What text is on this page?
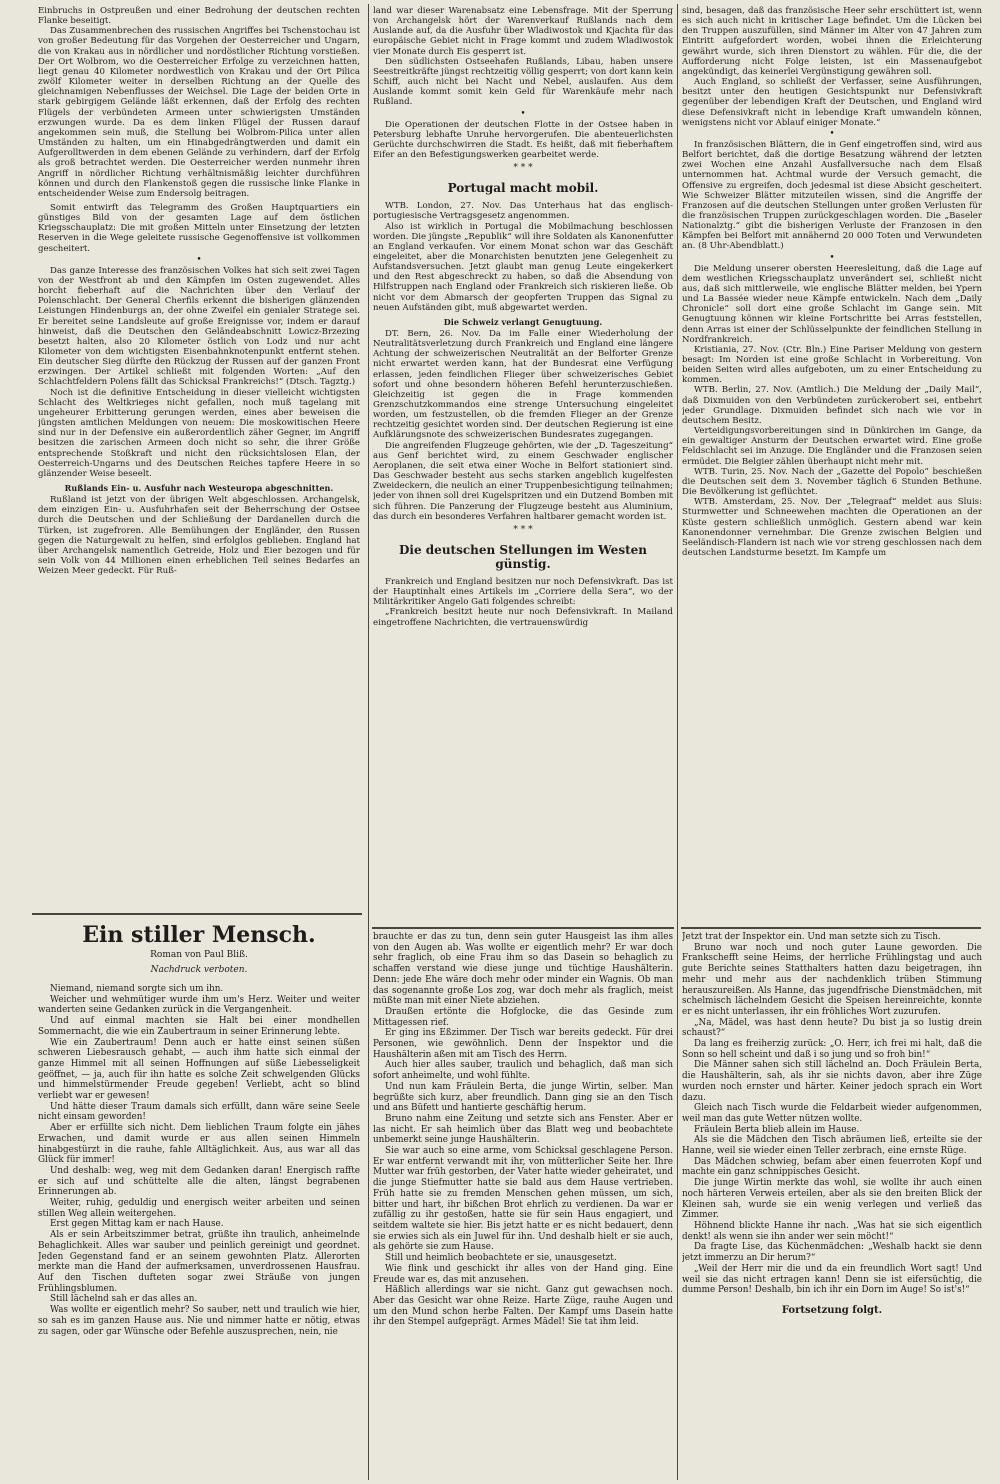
Einbruchs in Ostpreußen und einer Bedrohung der deutschen rechten Flanke beseitigt.

Das Zusammenbrechen des russischen Angriffes bei Tschenstochau ist von großer Bedeutung für das Vorgehen der Oesterreicher und Ungarn, die von Krakau aus in nördlicher und nordöstlicher Richtung vorstießen. Der Ort Wolbrom, wo die Oesterreicher Erfolge zu verzeichnen hatten, liegt genau 40 Kilometer nordwestlich von Krakau und der Ort Pilica zwölf Kilometer weiter in derselben Richtung an der Quelle des gleichnamigen Nebenflusses der Weichsel. Die Lage der beiden Orte in stark gebirgigem Gelände läßt erkennen, daß der Erfolg des rechten Flügels der verbündeten Armeen unter schwierigsten Umständen erzwungen wurde. Da es dem linken Flügel der Russen darauf angekommen sein muß, die Stellung bei Wolbrom-Pilica unter allen Umständen zu halten, um ein Hinabgedrängtwerden und damit ein Aufgerolltwerden in dem ebenen Gelände zu verhindern, darf der Erfolg als groß betrachtet werden. Die Oesterreicher werden nunmehr ihren Angriff in nördlicher Richtung verhältnismäßig leichter durchführen können und durch den Flankenstoß gegen die russische linke Flanke in entscheidender Weise zum Endersolg beitragen.

Somit entwirft das Telegramm des Großen Hauptquartiers ein günstiges Bild von der gesamten Lage auf dem östlichen Kriegsschauplatz: Die mit großen Mitteln unter Einsetzung der letzten Reserven in die Wege geleitete russische Gegenoffensive ist vollkommen gescheitert.

•

Das ganze Interesse des französischen Volkes hat sich seit zwei Tagen von der Westfront ab und den Kämpfen im Osten zugewendet. Alles horcht fieberhaft auf die Nachrichten über den Verlauf der Polenschlacht. Der General Cherfils erkennt die bisherigen glänzenden Leistungen Hindenburgs an, der ohne Zweifel ein genialer Stratege sei. Er bereitet seine Landsleute auf große Ereignisse vor, indem er darauf hinweist, daß die Deutschen den Geländeabschnitt Lowicz-Brzezing besetzt halten, also 20 Kilometer östlich von Lodz und nur acht Kilometer von dem wichtigsten Eisenbahnknotenpunkt entfernt stehen. Ein deutscher Sieg dürfte den Rückzug der Russen auf der ganzen Front erzwingen. Der Artikel schließt mit folgenden Worten: „Auf den Schlachtfeldern Polens fällt das Schicksal Frankreichs!“ (Dtsch. Tagztg.)

Noch ist die definitive Entscheidung in dieser vielleicht wichtigsten Schlacht des Weltkrieges nicht gefallen, noch muß tagelang mit ungeheurer Erbitterung gerungen werden, eines aber beweisen die jüngsten amtlichen Meldungen von neuem: Die moskowitischen Heere sind nur in der Defensive ein außerordentlich zäher Gegner, im Angriff besitzen die zarischen Armeen doch nicht so sehr, die ihrer Größe entsprechende Stoßkraft und nicht den rücksichtslosen Elan, der Oesterreich-Ungarns und des Deutschen Reiches tapfere Heere in so glänzender Weise beseelt.

Rußlands Ein- u. Ausfuhr nach Westeuropa abgeschnitten.

Rußland ist jetzt von der übrigen Welt abgeschlossen. Archangelsk, dem einzigen Ein- u. Ausfuhrhafen seit der Beherrschung der Ostsee durch die Deutschen und der Schließung der Dardanellen durch die Türken, ist zugefroren. Alle Bemühungen der Engländer, den Russen gegen die Naturgewalt zu helfen, sind erfolglos geblieben. England hat über Archangelsk namentlich Getreide, Holz und Eier bezogen und für sein Volk von 44 Millionen einen erheblichen Teil seines Bedarfes an Weizen Meer gedeckt. Für Ruß-

land war dieser Warenabsatz eine Lebensfrage. Mit der Sperrung von Archangelsk hört der Warenverkauf Rußlands nach dem Auslande auf, da die Ausfuhr über Wladiwostok und Kjachta für das europäische Gebiet nicht in Frage kommt und zudem Wladiwostok vier Monate durch Eis gesperrt ist.

Den südlichsten Ostseehafen Rußlands, Libau, haben unsere Seestreitkräfte jüngst rechtzeitig völlig gesperrt; von dort kann kein Schiff, auch nicht bei Nacht und Nebel, auslaufen. Aus dem Auslande kommt somit kein Geld für Warenkäufe mehr nach Rußland.

•

Die Operationen der deutschen Flotte in der Ostsee haben in Petersburg lebhafte Unruhe hervorgerufen. Die abenteuerlichsten Gerüchte durchschwirren die Stadt. Es heißt, daß mit fieberhaftem Eifer an den Befestigungswerken gearbeitet werde.

* * *
Portugal macht mobil.

WTB. London, 27. Nov. Das Unterhaus hat das englisch-portugiesische Vertragsgesetz angenommen.

Also ist wirklich in Portugal die Mobilmachung beschlossen worden. Die jüngste „Republik“ will ihre Soldaten als Kanonenfutter an England verkaufen. Vor einem Monat schon war das Geschäft eingeleitet, aber die Monarchisten benutzten jene Gelegenheit zu Aufstandsversuchen. Jetzt glaubt man genug Leute eingekerkert und den Rest abgeschreckt zu haben, so daß die Absendung von Hilfstruppen nach England oder Frankreich sich riskieren ließe. Ob nicht vor dem Abmarsch der geopferten Truppen das Signal zu neuen Aufständen gibt, muß abgewartet werden.

Die Schweiz verlangt Genugtuung.

DT. Bern, 26. Nov. Da im Falle einer Wiederholung der Neutralitätsverletzung durch Frankreich und England eine längere Achtung der schweizerischen Neutralität an der Belforter Grenze nicht erwartet werden kann, hat der Bundesrat eine Verfügung erlassen, jeden feindlichen Flieger über schweizerisches Gebiet sofort und ohne besondern höheren Befehl herunterzuschießen. Gleichzeitig ist gegen die in Frage kommenden Grenzschutzkommandos eine strenge Untersuchung eingeleitet worden, um festzustellen, ob die fremden Flieger an der Grenze rechtzeitig gesichtet worden sind. Der deutschen Regierung ist eine Aufklärungsnote des schweizerischen Bundesrates zugegangen.

Die angreifenden Flugzeuge gehörten, wie der „D. Tageszeitung“ aus Genf berichtet wird, zu einem Geschwader englischer Aeroplanen, die seit etwa einer Woche in Belfort stationiert sind. Das Geschwader besteht aus sechs starken angeblich kugelfesten Zweideckern, die neulich an einer Truppenbesichtigung teilnahmen; jeder von ihnen soll drei Kugelspritzen und ein Dutzend Bomben mit sich führen. Die Panzerung der Flugzeuge besteht aus Aluminium, das durch ein besonderes Verfahren haltbarer gemacht worden ist.

* * *
Die deutschen Stellungen im Westen günstig.

Frankreich und England besitzen nur noch Defensivkraft. Das ist der Hauptinhalt eines Artikels im „Corriere della Sera“, wo der Militärkritiker Angelo Gati folgendes schreibt:

„Frankreich besitzt heute nur noch Defensivkraft. In Mailand eingetroffene Nachrichten, die vertrauenswürdig

sind, besagen, daß das französische Heer sehr erschüttert ist, wenn es sich auch nicht in kritischer Lage befindet. Um die Lücken bei den Truppen auszufüllen, sind Männer im Alter von 47 Jahren zum Eintritt aufgefordert worden, wobei ihnen die Erleichterung gewährt wurde, sich ihren Dienstort zu wählen. Für die, die der Aufforderung nicht Folge leisten, ist ein Massenaufgebot angekündigt, das keinerlei Vergünstigung gewähren soll.

Auch England, so schließt der Verfasser, seine Ausführungen, besitzt unter den heutigen Gesichtspunkt nur Defensivkraft gegenüber der lebendigen Kraft der Deutschen, und England wird diese Defensivkraft nicht in lebendige Kraft umwandeln können, wenigstens nicht vor Ablauf einiger Monate.“

•

In französischen Blättern, die in Genf eingetroffen sind, wird aus Belfort berichtet, daß die dortige Besatzung während der letzten zwei Wochen eine Anzahl Ausfallversuche nach dem Elsaß unternommen hat. Achtmal wurde der Versuch gemacht, die Offensive zu ergreifen, doch jedesmal ist diese Absicht gescheitert. Wie Schweizer Blätter mitzuteilen wissen, sind die Angriffe der Franzosen auf die deutschen Stellungen unter großen Verlusten für die französischen Truppen zurückgeschlagen worden. Die „Baseler Nationalztg.“ gibt die bisherigen Verluste der Franzosen in den Kämpfen bei Belfort mit annähernd 20 000 Toten und Verwundeten an. (8 Uhr-Abendblatt.)

•

Die Meldung unserer obersten Heeresleitung, daß die Lage auf dem westlichen Kriegsschauplatz unverändert sei, schließt nicht aus, daß sich mittlerweile, wie englische Blätter melden, bei Ypern und La Bassée wieder neue Kämpfe entwickeln. Nach dem „Daily Chronicle“ soll dort eine große Schlacht im Gange sein. Mit Genugtuung können wir kleine Fortschritte bei Arras feststellen, denn Arras ist einer der Schlüsselpunkte der feindlichen Stellung in Nordfrankreich.

Kristiania, 27. Nov. (Ctr. Bln.) Eine Pariser Meldung von gestern besagt: Im Norden ist eine große Schlacht in Vorbereitung. Von beiden Seiten wird alles aufgeboten, um zu einer Entscheidung zu kommen.

WTB. Berlin, 27. Nov. (Amtlich.) Die Meldung der „Daily Mail“, daß Dixmuiden von den Verbündeten zurückerobert sei, entbehrt jeder Grundlage. Dixmuiden befindet sich nach wie vor in deutschem Besitz.

Verteidigungsvorbereitungen sind in Dünkirchen im Gange, da ein gewaltiger Ansturm der Deutschen erwartet wird. Eine große Feldschlacht sei im Anzuge. Die Engländer und die Franzosen seien ermüdet. Die Belgier zählen überhaupt nicht mehr mit.

WTB. Turin, 25. Nov. Nach der „Gazette del Popolo“ beschießen die Deutschen seit dem 3. November täglich 6 Stunden Bethune. Die Bevölkerung ist geflüchtet.

WTB. Amsterdam, 25. Nov. Der „Telegraaf“ meldet aus Sluis: Sturmwetter und Schneewehen machten die Operationen an der Küste gestern schließlich unmöglich. Gestern abend war kein Kanonendonner vernehmbar. Die Grenze zwischen Belgien und Seeländisch-Flandern ist nach wie vor streng geschlossen nach dem deutschen Landsturme besetzt. Im Kampfe um

Ein stiller Mensch.
Roman von Paul Bliß.
Nachdruck verboten.

Niemand, niemand sorgte sich um ihn.

Weicher und wehmütiger wurde ihm um's Herz. Weiter und weiter wanderten seine Gedanken zurück in die Vergangenheit.

Und auf einmal machten sie Halt bei einer mondhellen Sommernacht, die wie ein Zaubertraum in seiner Erinnerung lebte.

Wie ein Zaubertraum! Denn auch er hatte einst seinen süßen schweren Liebesrausch gehabt, — auch ihm hatte sich einmal der ganze Himmel mit all seinen Hoffnungen auf süße Liebesseligkeit geöffnet, — ja, auch für ihn hatte es solche Zeit schwelgenden Glücks und himmelstürmender Freude gegeben! Verliebt, acht so blind verliebt war er gewesen!

Und hätte dieser Traum damals sich erfüllt, dann wäre seine Seele nicht einsam geworden!

Aber er erfüllte sich nicht. Dem lieblichen Traum folgte ein jähes Erwachen, und damit wurde er aus allen seinen Himmeln hinabgestürzt in die rauhe, fahle Alltäglichkeit. Aus, aus war all das Glück für immer!

Und deshalb: weg, weg mit dem Gedanken daran! Energisch raffte er sich auf und schüttelte alle die alten, längst begrabenen Erinnerungen ab.

Weiter, ruhig, geduldig und energisch weiter arbeiten und seinen stillen Weg allein weitergehen.

Erst gegen Mittag kam er nach Hause.

Als er sein Arbeitszimmer betrat, grüßte ihn traulich, anheimelnde Behaglichkeit. Alles war sauber und peinlich gereinigt und geordnet. Jeden Gegenstand fand er an seinem gewohnten Platz. Allerorten merkte man die Hand der aufmerksamen, unverdrossenen Hausfrau. Auf den Tischen dufteten sogar zwei Sträuße von jungen Frühlingsblumen.

Still lächelnd sah er das alles an.

Was wollte er eigentlich mehr? So sauber, nett und traulich wie hier, so sah es im ganzen Hause aus. Nie und nimmer hatte er nötig, etwas zu sagen, oder gar Wünsche oder Befehle auszusprechen, nein, nie

brauchte er das zu tun, denn sein guter Hausgeist las ihm alles von den Augen ab. Was wollte er eigentlich mehr? Er war doch sehr fraglich, ob eine Frau ihm so das Dasein so behaglich zu schaffen verstand wie diese junge und tüchtige Haushälterin. Denn: jede Ehe wäre doch mehr oder minder ein Wagnis. Ob man das sogenannte große Los zog, war doch mehr als fraglich, meist müßte man mit einer Niete abziehen.

Draußen ertönte die Hofglocke, die das Gesinde zum Mittagessen rief.

Er ging ins Eßzimmer. Der Tisch war bereits gedeckt. Für drei Personen, wie gewöhnlich. Denn der Inspektor und die Haushälterin aßen mit am Tisch des Herrn.

Auch hier alles sauber, traulich und behaglich, daß man sich sofort anheimelte, und wohl fühlte.

Und nun kam Fräulein Berta, die junge Wirtin, selber. Man begrüßte sich kurz, aber freundlich. Dann ging sie an den Tisch und ans Büfett und hantierte geschäftig herum.

Bruno nahm eine Zeitung und setzte sich ans Fenster. Aber er las nicht. Er sah heimlich über das Blatt weg und beobachtete unbemerkt seine junge Haushälterin.

Sie war auch so eine arme, vom Schicksal geschlagene Person. Er war entfernt verwandt mit ihr, von mütterlicher Seite her. Ihre Mutter war früh gestorben, der Vater hatte wieder geheiratet, und die junge Stiefmutter hatte sie bald aus dem Hause vertrieben. Früh hatte sie zu fremden Menschen gehen müssen, um sich, bitter und hart, ihr bißchen Brot ehrlich zu verdienen. Da war er zufällig zu ihr gestoßen, hatte sie für sein Haus engagiert, und seitdem waltete sie hier. Bis jetzt hatte er es nicht bedauert, denn sie erwies sich als ein Juwel für ihn. Und deshalb hielt er sie auch, als gehörte sie zum Hause.

Still und heimlich beobachtete er sie, unausgesetzt.

Wie flink und geschickt ihr alles von der Hand ging. Eine Freude war es, das mit anzusehen.

Häßlich allerdings war sie nicht. Ganz gut gewachsen noch. Aber das Gesicht war ohne Reize. Harte Züge, rauhe Augen und um den Mund schon herbe Falten. Der Kampf ums Dasein hatte ihr den Stempel aufgeprägt. Armes Mädel! Sie tat ihm leid.

Jetzt trat der Inspektor ein. Und man setzte sich zu Tisch.

Bruno war noch und noch guter Laune geworden. Die Frankschefft seine Heims, der herrliche Frühlingstag und auch gute Berichte seines Statthalters hatten dazu beigetragen, ihn mehr und mehr aus der nachdenklich trüben Stimmung herauszureißen. Als Hanne, das jugendfrische Dienstmädchen, mit schelmisch lächelndem Gesicht die Speisen hereinreichte, konnte er es nicht unterlassen, ihr ein fröhliches Wort zuzurufen.

„Na, Mädel, was hast denn heute? Du bist ja so lustig drein schaust?“

Da lang es freiherzig zurück: „O. Herr, ich frei mi halt, daß die Sonn so hell scheint und daß i so jung und so froh bin!“

Die Männer sahen sich still lächelnd an. Doch Fräulein Berta, die Haushälterin, sah, als ihr sie nichts davon, aber ihre Züge wurden noch ernster und härter. Keiner jedoch sprach ein Wort dazu.

Gleich nach Tisch wurde die Feldarbeit wieder aufgenommen, weil man das gute Wetter nützen wollte.

Fräulein Berta blieb allein im Hause.

Als sie die Mädchen den Tisch abräumen ließ, erteilte sie der Hanne, weil sie wieder einen Teller zerbrach, eine ernste Rüge.

Das Mädchen schwieg, befam aber einen feuerroten Kopf und machte ein ganz schnippisches Gesicht.

Die junge Wirtin merkte das wohl, sie wollte ihr auch einen noch härteren Verweis erteilen, aber als sie den breiten Blick der Kleinen sah, wurde sie ein wenig verlegen und verließ das Zimmer.

Höhnend blickte Hanne ihr nach. „Was hat sie sich eigentlich denkt! als wenn sie ihn ander wer sein möcht!“

Da fragte Lise, das Küchenmädchen: „Weshalb hackt sie denn jetzt immerzu an Dir herum?“

„Weil der Herr mir die und da ein freundlich Wort sagt! Und weil sie das nicht ertragen kann! Denn sie ist eifersüchtig, die dumme Person! Deshalb, bin ich ihr ein Dorn im Auge! So ist's!“

Fortsetzung folgt.
